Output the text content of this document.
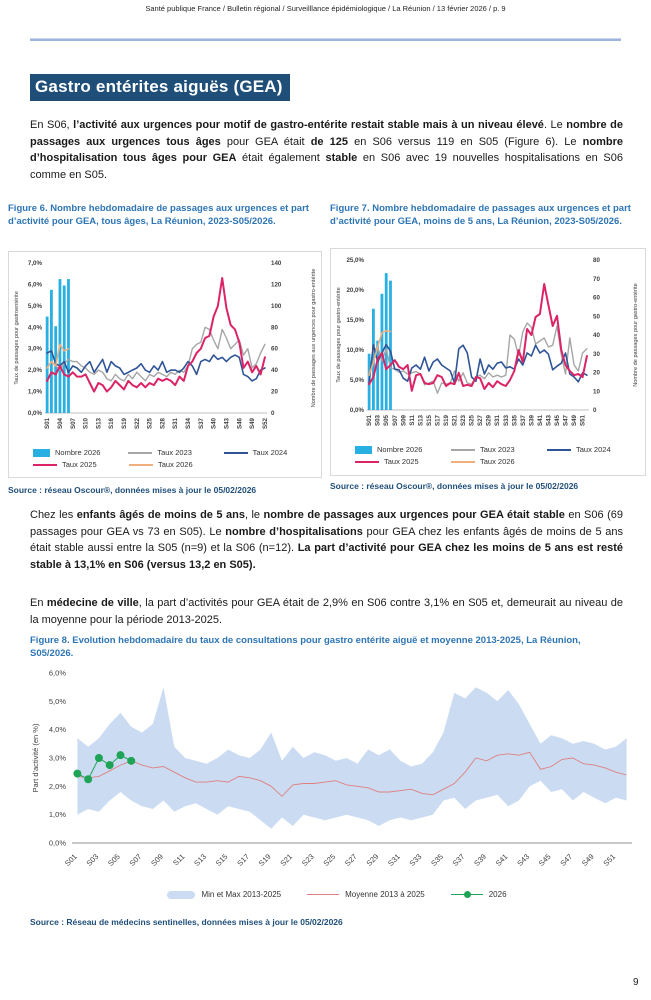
Santé publique France / Bulletin régional / Surveilllance épidémiologique / La Réunion / 13 février 2026 / p. 9
Gastro entérites aiguës (GEA)
En S06, l’activité aux urgences pour motif de gastro-entérite restait stable mais à un niveau élevé. Le nombre de passages aux urgences tous âges pour GEA était de 125 en S06 versus 119 en S05 (Figure 6). Le nombre d’hospitalisation tous âges pour GEA était également stable en S06 avec 19 nouvelles hospitalisations en S06 comme en S05.
Figure 6. Nombre hebdomadaire de passages aux urgences et part d’activité pour GEA, tous âges, La Réunion, 2023-S05/2026.
Figure 7. Nombre hebdomadaire de passages aux urgences et part d’activité pour GEA, moins de 5 ans, La Réunion, 2023-S05/2026.
0,0%
1,0%
2,0%
3,0%
4,0%
5,0%
6,0%
7,0%
0
20
40
60
80
100
120
140
Taux de passages pour gastroentérite	Nombre de passages aux urgences pour gastro-entérite
S01 S04 S07 S10 S13 S16 S19 S22 S25 S28 S31 S34 S37 S40 S43 S46 S49 S52
Nombre 2026	Taux 2023	Taux 2024
Taux 2025	Taux 2026
0,0%
5,0%
10,0%
15,0%
20,0%
25,0%
0
10
20
30
40
50
60
70
80
Taux de passages pour gastro-entérite	Nombre de passages pour gastro-entérite
S01 S03 S05 S07 S09 S11 S13 S15 S17 S19 S21 S23 S25 S27 S29 S31 S33 S35 S37 S39 S41 S43 S45 S47 S49 S51
Nombre 2026	Taux 2023	Taux 2024
Taux 2025	Taux 2026
Source : réseau Oscour®, données mises à jour le 05/02/2026	Source : réseau Oscour®, données mises à jour le 05/02/2026
Chez les enfants âgés de moins de 5 ans, le nombre de passages aux urgences pour GEA était stable en S06 (69 passages pour GEA vs 73 en S05). Le nombre d’hospitalisations pour GEA chez les enfants âgés de moins de 5 ans était stable aussi entre la S05 (n=9) et la S06 (n=12). La part d’activité pour GEA chez les moins de 5 ans est resté stable à 13,1% en S06 (versus 13,2 en S05).
En médecine de ville, la part d’activités pour GEA était de 2,9% en S06 contre 3,1% en S05 et, demeurait au niveau de la moyenne pour la période 2013-2025.
Figure 8. Evolution hebdomadaire du taux de consultations pour gastro entérite aiguë et moyenne 2013-2025, La Réunion, S05/2026.
0,0%
1,0%
2,0%
3,0%
4,0%
5,0%
6,0%
Part d'activité (en %)
S01 S03 S05 S07 S09 S11 S13 S15 S17 S19 S21 S23 S25 S27 S29 S31 S33 S35 S37 S39 S41 S43 S45 S47 S49 S51
Min et Max 2013-2025	Moyenne 2013 à 2025	2026
Source : Réseau de médecins sentinelles, données mises à jour le 05/02/2026
9
